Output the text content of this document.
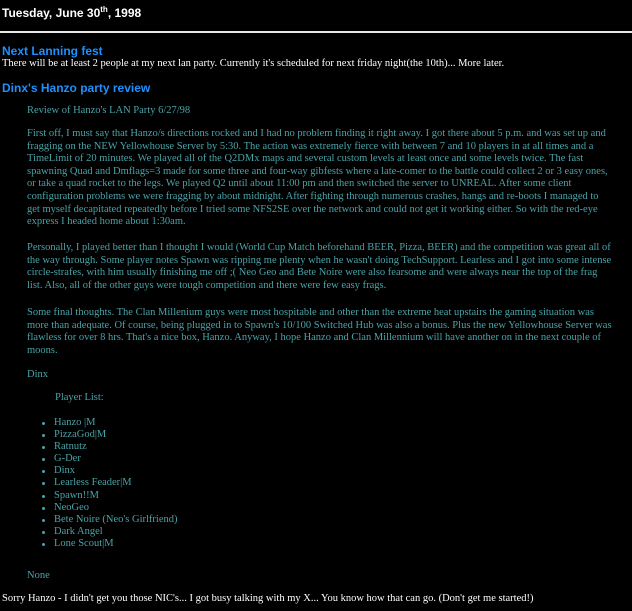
Tuesday, June 30th, 1998
Next Lanning fest
There will be at least 2 people at my next lan party. Currently it's scheduled for next friday night(the 10th)... More later.
Dinx's Hanzo party review
Review of Hanzo's LAN Party 6/27/98

First off, I must say that Hanzo/s directions rocked and I had no problem finding it right away. I got there about 5 p.m. and was set up and fragging on the NEW Yellowhouse Server by 5:30. The action was extremely fierce with between 7 and 10 players in at all times and a TimeLimit of 20 minutes. We played all of the Q2DMx maps and several custom levels at least once and some levels twice. The fast spawning Quad and Dmflags=3 made for some three and four-way gibfests where a late-comer to the battle could collect 2 or 3 easy ones, or take a quad rocket to the legs. We played Q2 until about 11:00 pm and then switched the server to UNREAL. After some client configuration problems we were fragging by about midnight. After fighting through numerous crashes, hangs and re-boots I managed to get myself decapitated repeatedly before I tried some NFS2SE over the network and could not get it working either. So with the red-eye express I headed home about 1:30am.

Personally, I played better than I thought I would (World Cup Match beforehand BEER, Pizza, BEER) and the competition was great all of the way through. Some player notes Spawn was ripping me plenty when he wasn't doing TechSupport. Learless and I got into some intense circle-strafes, with him usually finishing me off ;( Neo Geo and Bete Noire were also fearsome and were always near the top of the frag list. Also, all of the other guys were tough competition and there were few easy frags.

Some final thoughts. The Clan Millenium guys were most hospitable and other than the extreme heat upstairs the gaming situation was more than adequate. Of course, being plugged in to Spawn's 10/100 Switched Hub was also a bonus. Plus the new Yellowhouse Server was flawless for over 8 hrs. That's a nice box, Hanzo. Anyway, I hope Hanzo and Clan Millennium will have another on in the next couple of moons.

Dinx
Player List:
Hanzo |M
PizzaGod|M
Ratnutz
G-Der
Dinx
Learless Feader|M
Spawn!!M
NeoGeo
Bete Noire (Neo's Girlfriend)
Dark Angel
Lone Scout|M
None
Sorry Hanzo - I didn't get you those NIC's... I got busy talking with my X... You know how that can go. (Don't get me started!)
